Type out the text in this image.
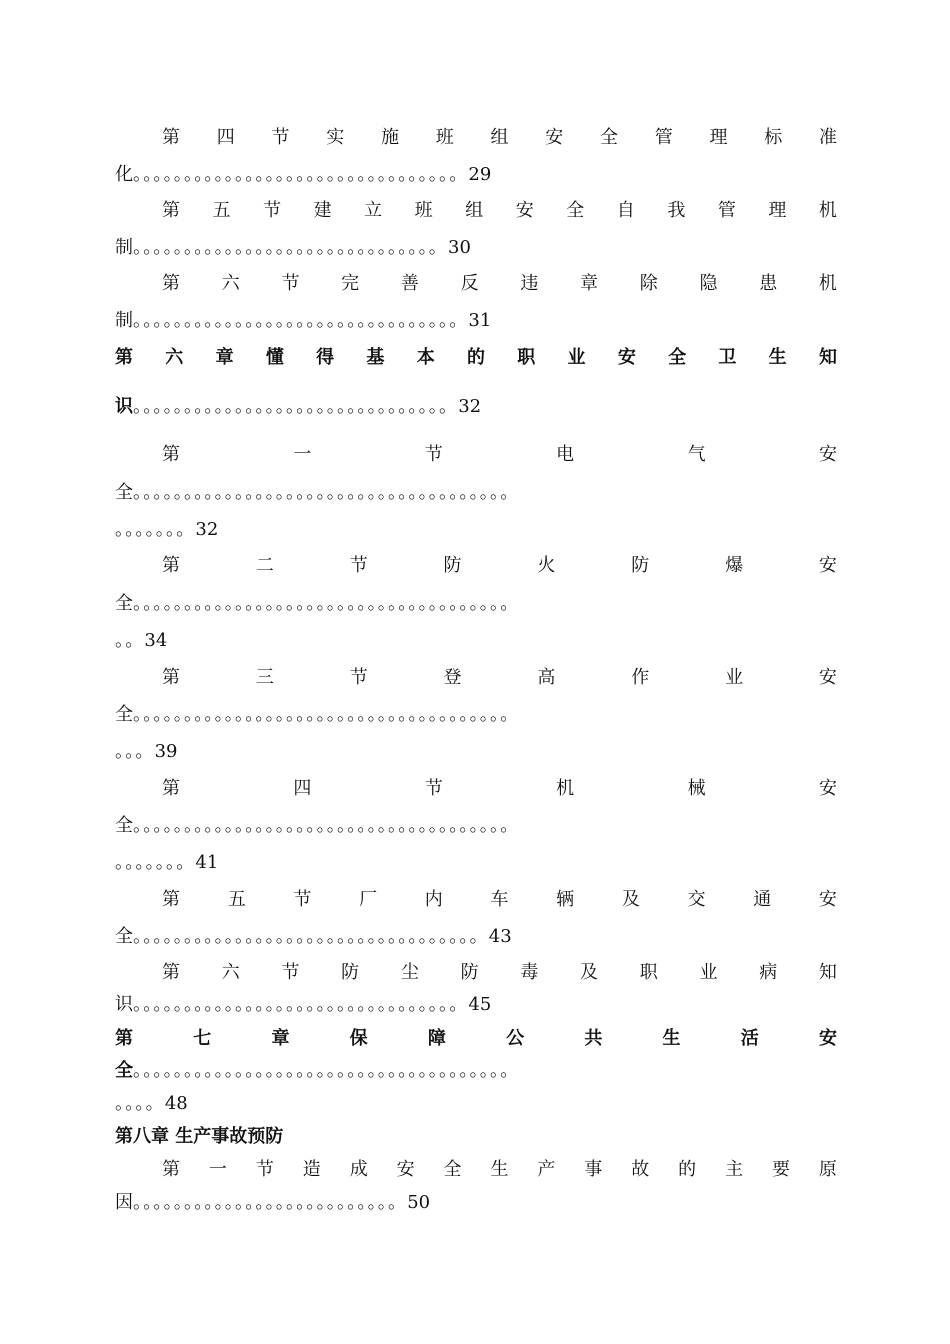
第 四 节 实 施 班 组 安 全 管 理 标 准
化 。。。。。。。。。。。。。。。。。。。。。。。。。。。。。。。。 29
第 五 节 建 立 班 组 安 全 自 我 管 理 机
制 。。。。。。。。。。。。。。。。。。。。。。。。。。。。。。 30
第 六 节 完 善 反 违 章 除 隐 患 机
制 。。。。。。。。。。。。。。。。。。。。。。。。。。。。。。。。 31
第 六 章 懂 得 基 本 的 职 业 安 全 卫 生 知
识 。。。。。。。。。。。。。。。。。。。。。。。。。。。。。。。 32
第	一	节	电	气	安
全 。。。。。。。。。。。。。。。。。。。。。。。。。。。。。。。。。。。。。
。。。。。。。 32
第	二	节	防	火	防	爆	安
全 。。。。。。。。。。。。。。。。。。。。。。。。。。。。。。。。。。。。。
。。 34
第	三	节	登	高	作	业	安
全 。。。。。。。。。。。。。。。。。。。。。。。。。。。。。。。。。。。。。
。。。 39
第	四	节	机	械	安
全 。。。。。。。。。。。。。。。。。。。。。。。。。。。。。。。。。。。。。
。。。。。。。 41
第	五	节	厂	内	车	辆	及	交	通	安
全 。。。。。。。。。。。。。。。。。。。。。。。。。。。。。。。。。。 43
第 六 节 防 尘 防 毒 及 职 业 病 知
识 。。。。。。。。。。。。。。。。。。。。。。。。。。。。。。。。 45
第	七	章	保	障	公	共	生	活	安
全 。。。。。。。。。。。。。。。。。。。。。。。。。。。。。。。。。。。。。
。。。。 48
第八章 生产事故预防
第 一 节 造 成 安 全 生 产 事 故 的 主 要 原
因 。。。。。。。。。。。。。。。。。。。。。。。。。。 50
